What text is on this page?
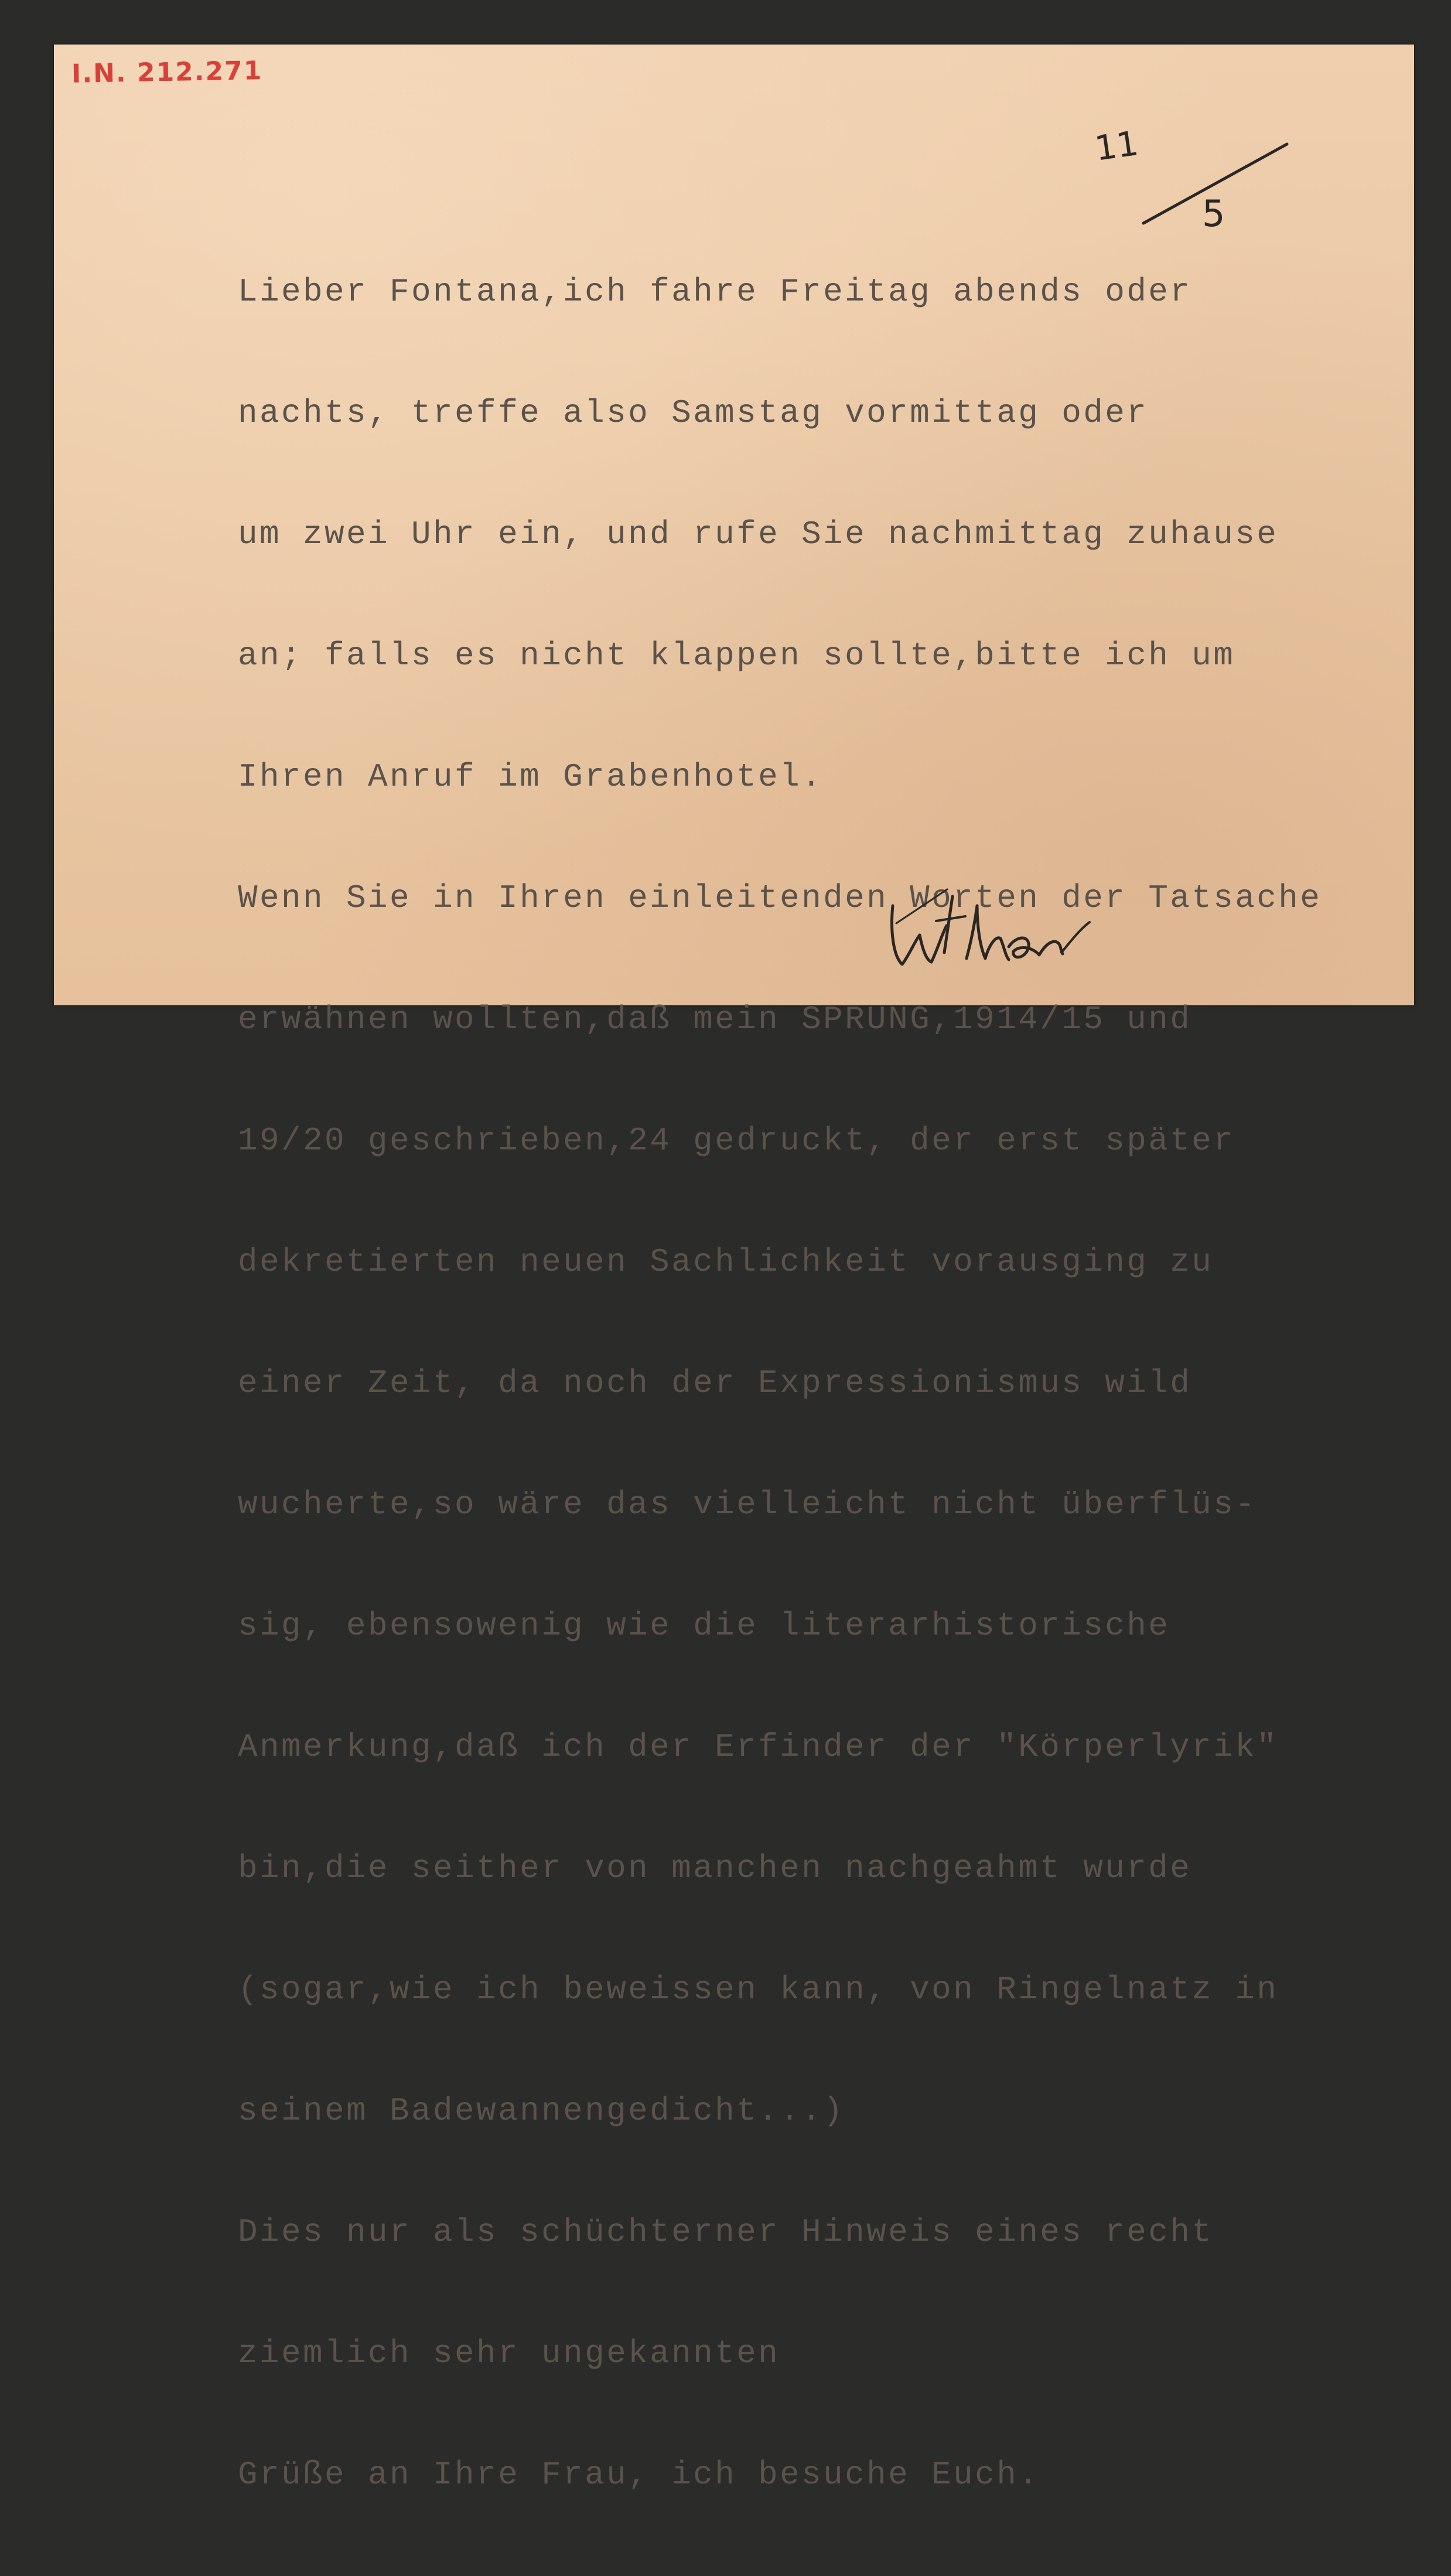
I.N. 212.271
11
5

Lieber Fontana,ich fahre Freitag abends oder

nachts, treffe also Samstag vormittag oder

um zwei Uhr ein, und rufe Sie nachmittag zuhause

an; falls es nicht klappen sollte,bitte ich um

Ihren Anruf im Grabenhotel.

Wenn Sie in Ihren einleitenden Worten der Tatsache

erwähnen wollten,daß mein SPRUNG,1914/15 und

19/20 geschrieben,24 gedruckt, der erst später

dekretierten neuen Sachlichkeit vorausging zu

einer Zeit, da noch der Expressionismus wild

wucherte,so wäre das vielleicht nicht überflüs-

sig, ebensowenig wie die literarhistorische

Anmerkung,daß ich der Erfinder der "Körperlyrik"

bin,die seither von manchen nachgeahmt wurde

(sogar,wie ich beweissen kann, von Ringelnatz in

seinem Badewannengedicht...)

Dies nur als schüchterner Hinweis eines recht

ziemlich sehr ungekannten

Grüße an Ihre Frau, ich besuche Euch.
